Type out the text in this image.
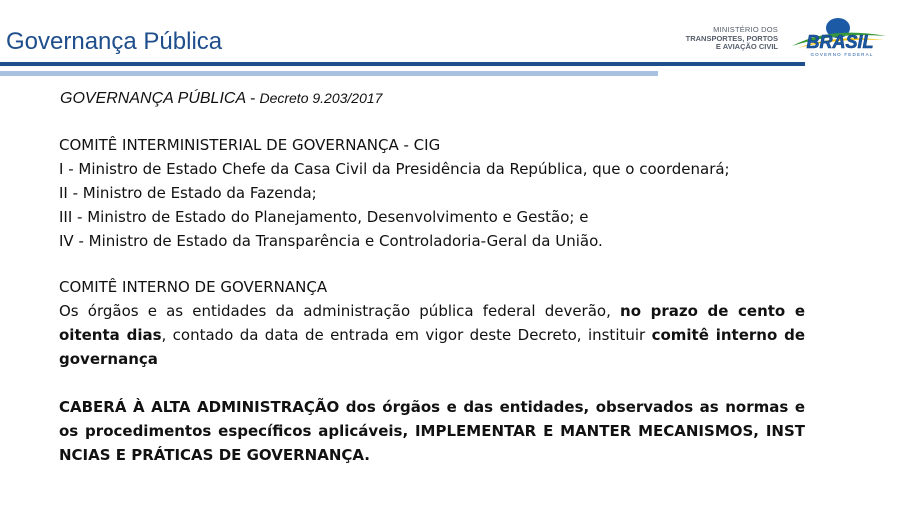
Governança Pública	MINISTÉRIO DOS
TRANSPORTES, PORTOS
E AVIAÇÃO CIVIL BRASIL
GOVERNO FEDERAL
GOVERNANÇA PÚBLICA - Decreto 9.203/2017
COMITÊ INTERMINISTERIAL DE GOVERNANÇA - CIG
I - Ministro de Estado Chefe da Casa Civil da Presidência da República, que o coordenará;
II - Ministro de Estado da Fazenda;
III - Ministro de Estado do Planejamento, Desenvolvimento e Gestão; e
IV - Ministro de Estado da Transparência e Controladoria-Geral da União.
COMITÊ INTERNO DE GOVERNANÇA
Os órgãos e as entidades da administração pública federal deverão, no prazo de cento e oitenta dias, contado da data de entrada em vigor deste Decreto, instituir comitê interno de governança
CABERÁ À ALTA ADMINISTRAÇÃO dos órgãos e das entidades, observados as normas e os procedimentos específicos aplicáveis, IMPLEMENTAR E MANTER MECANISMOS, INST NCIAS E PRÁTICAS DE GOVERNANÇA.
